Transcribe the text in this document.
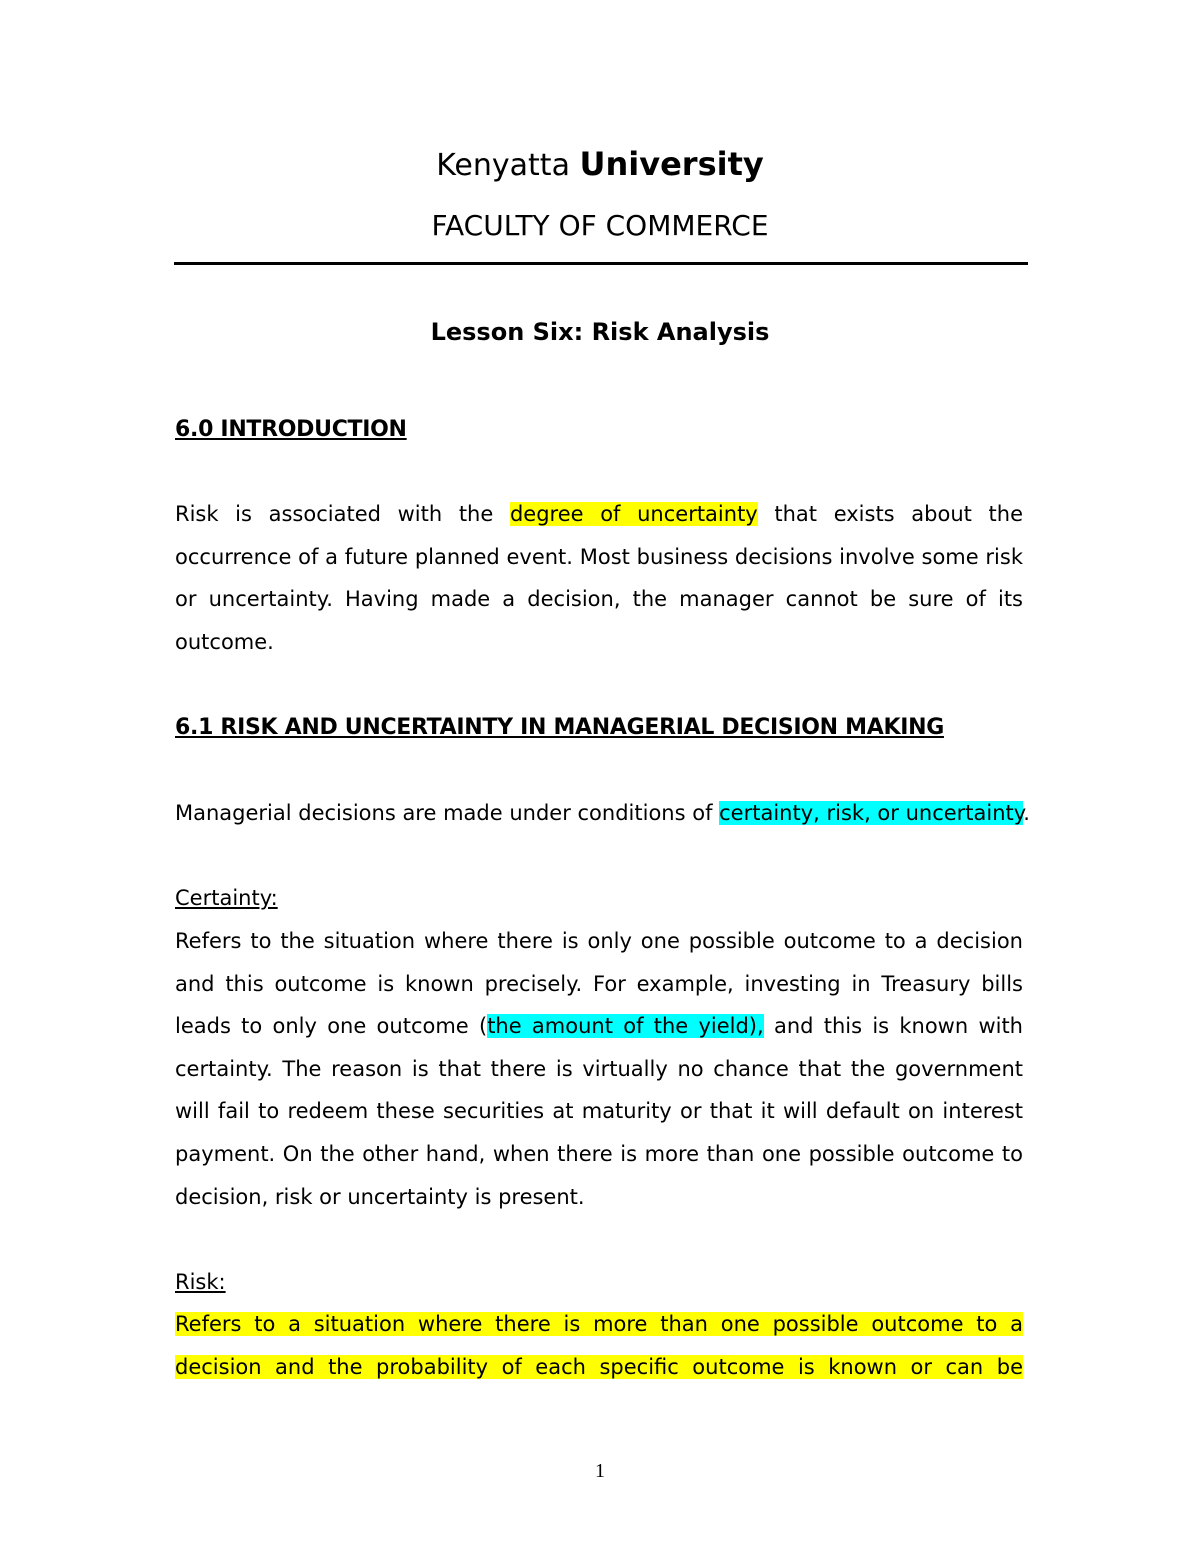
Kenyatta University
FACULTY OF COMMERCE
Lesson Six: Risk Analysis
6.0 INTRODUCTION
Risk is associated with the degree of uncertainty that exists about the occurrence of a future planned event. Most business decisions involve some risk or uncertainty. Having made a decision, the manager cannot be sure of its outcome.
6.1 RISK AND UNCERTAINTY IN MANAGERIAL DECISION MAKING
Managerial decisions are made under conditions of certainty, risk, or uncertainty.
Certainty:
Refers to the situation where there is only one possible outcome to a decision and this outcome is known precisely. For example, investing in Treasury bills leads to only one outcome (the amount of the yield), and this is known with certainty. The reason is that there is virtually no chance that the government will fail to redeem these securities at maturity or that it will default on interest payment. On the other hand, when there is more than one possible outcome to decision, risk or uncertainty is present.
Risk:
Refers to a situation where there is more than one possible outcome to a decision and the probability of each specific outcome is known or can be
1
